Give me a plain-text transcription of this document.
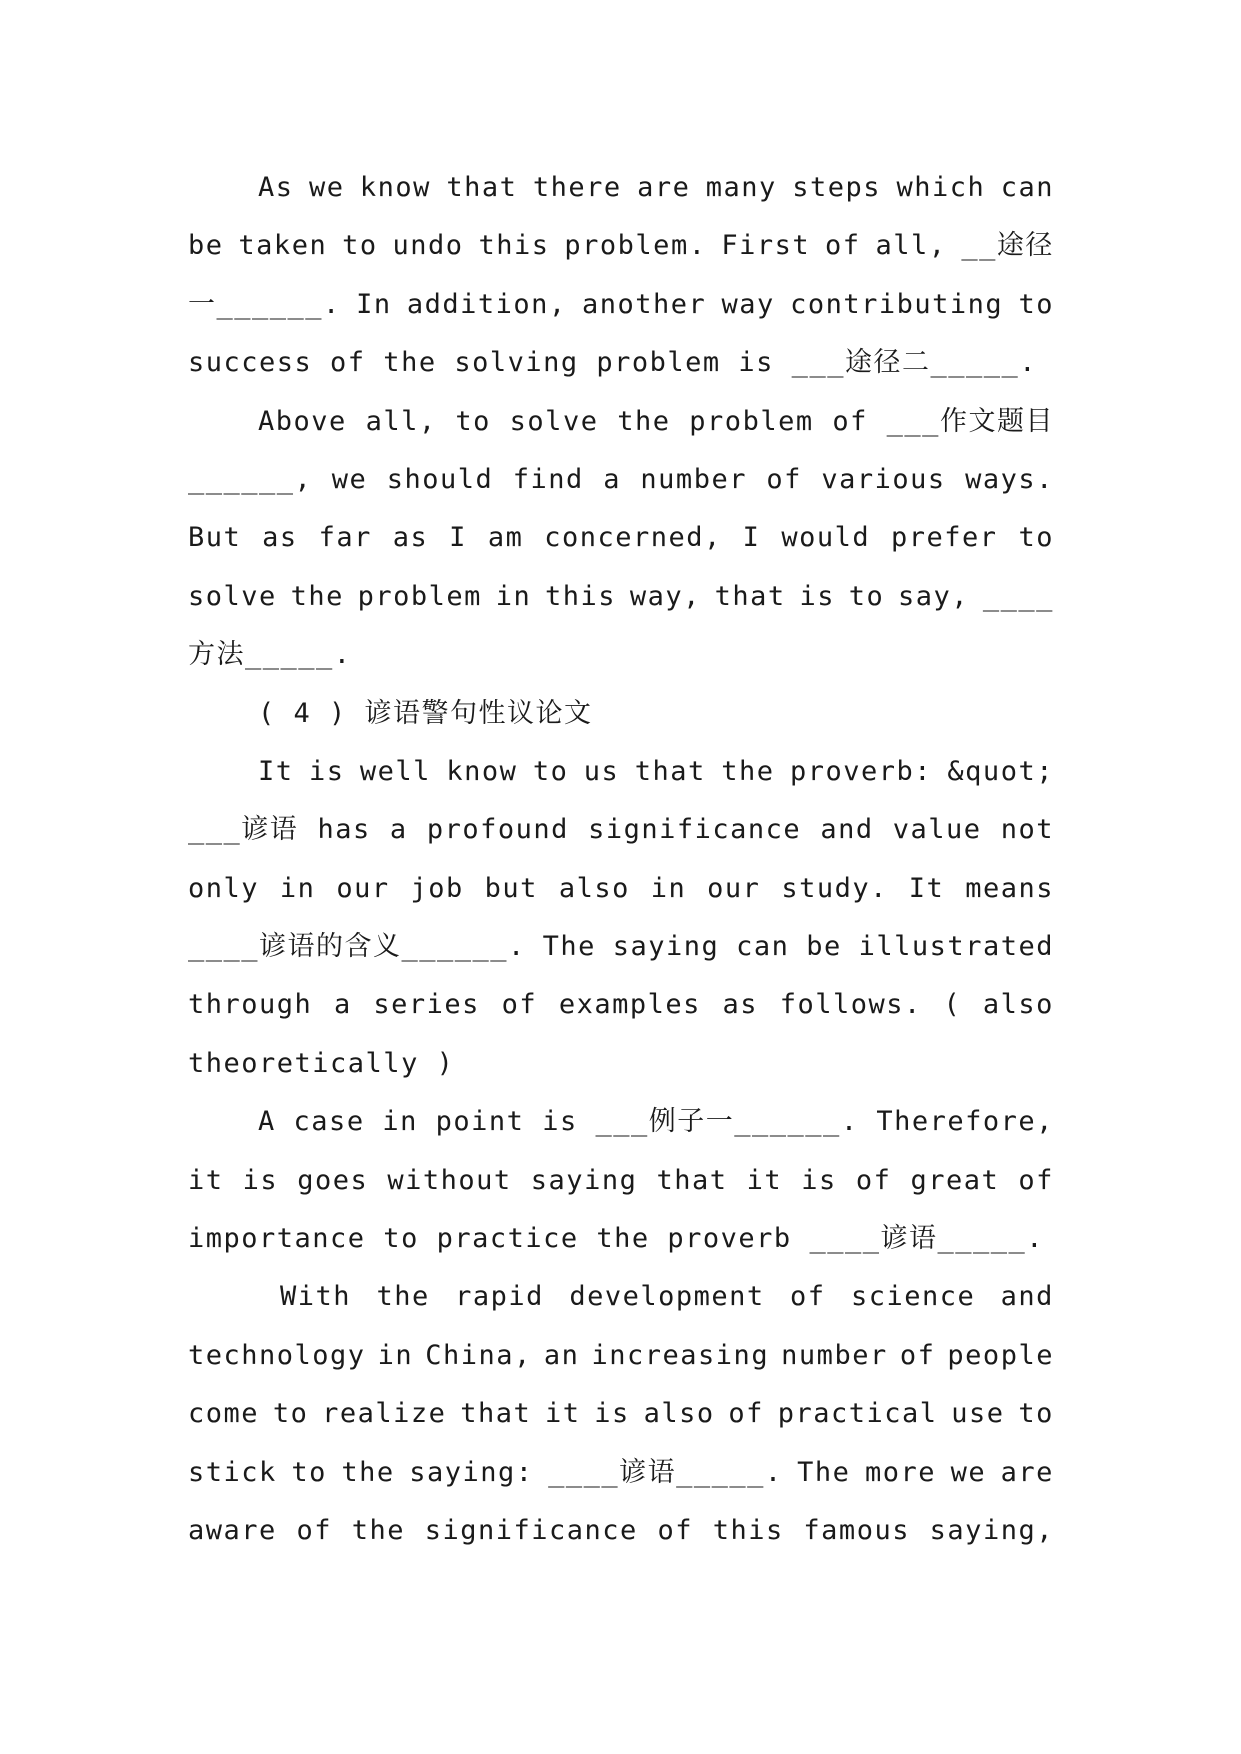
As we know that there are many steps which can
be taken to undo this problem. First of all, __途径
一______. In addition, another way contributing to
success of the solving problem is ___途径二_____.
Above all, to solve the problem of ___作文题目
______, we should find a number of various ways.
But as far as I am concerned, I would prefer to
solve the problem in this way, that is to say, ____
方法_____.
( 4 ) 谚语警句性议论文
It is well know to us that the proverb: &quot;
___谚语 has a profound significance and value not
only in our job but also in our study. It means
____谚语的含义______. The saying can be illustrated
through a series of examples as follows. ( also
theoretically )
A case in point is ___例子一______. Therefore,
it is goes without saying that it is of great of
importance to practice the proverb ____谚语_____.
With the rapid development of science and
technology in China, an increasing number of people
come to realize that it is also of practical use to
stick to the saying: ____谚语_____. The more we are
aware of the significance of this famous saying,
